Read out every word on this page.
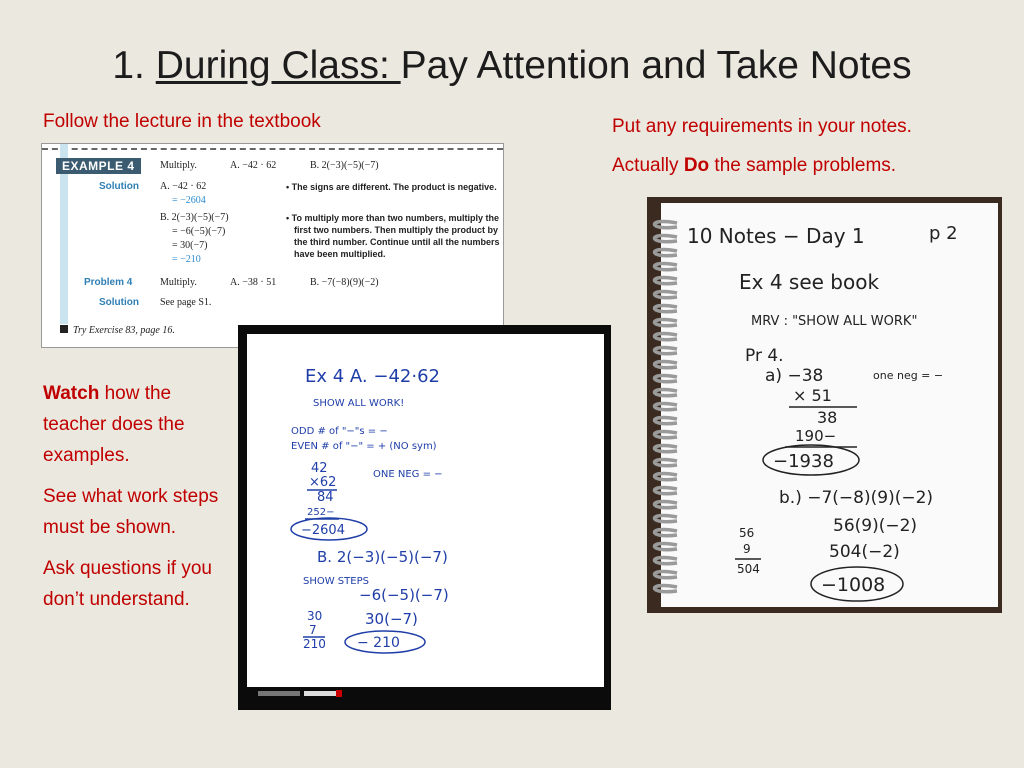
1. During Class: Pay Attention and Take Notes
Follow the lecture in the textbook	Put any requirements in your notes.
Actually Do the sample problems.

Watch how the teacher does the examples.

See what work steps must be shown.

Ask questions if you don’t understand.

EXAMPLE 4	Multiply.	A. −42 · 62	B. 2(−3)(−5)(−7)
Solution A. −42 · 62
= −2604
• The signs are different. The product is negative.
B. 2(−3)(−5)(−7)
= −6(−5)(−7)
= 30(−7)
= −210
• To multiply more than two numbers, multiply the
first two numbers. Then multiply the product by
the third number. Continue until all the numbers
have been multiplied.
Problem 4	Multiply.	A. −38 · 51	B. −7(−8)(9)(−2)
Solution See page S1.
Try Exercise 83, page 16.
Ex 4 A. −42·62
SHOW ALL WORK!
ODD # of "−"s = −
EVEN # of "−" = + (NO sym)
42
×62
84
252−
ONE NEG = −
−2604
B. 2(−3)(−5)(−7)
SHOW STEPS
−6(−5)(−7)
30(−7)
30
7
210 − 210
10 Notes − Day 1	p 2
Ex 4 see book
MRV : "SHOW ALL WORK"
Pr 4.
a) −38
× 51
38
190−
−1938
one neg = −
b.) −7(−8)(9)(−2)
56(9)(−2)
504(−2)
−1008
56
9
504
